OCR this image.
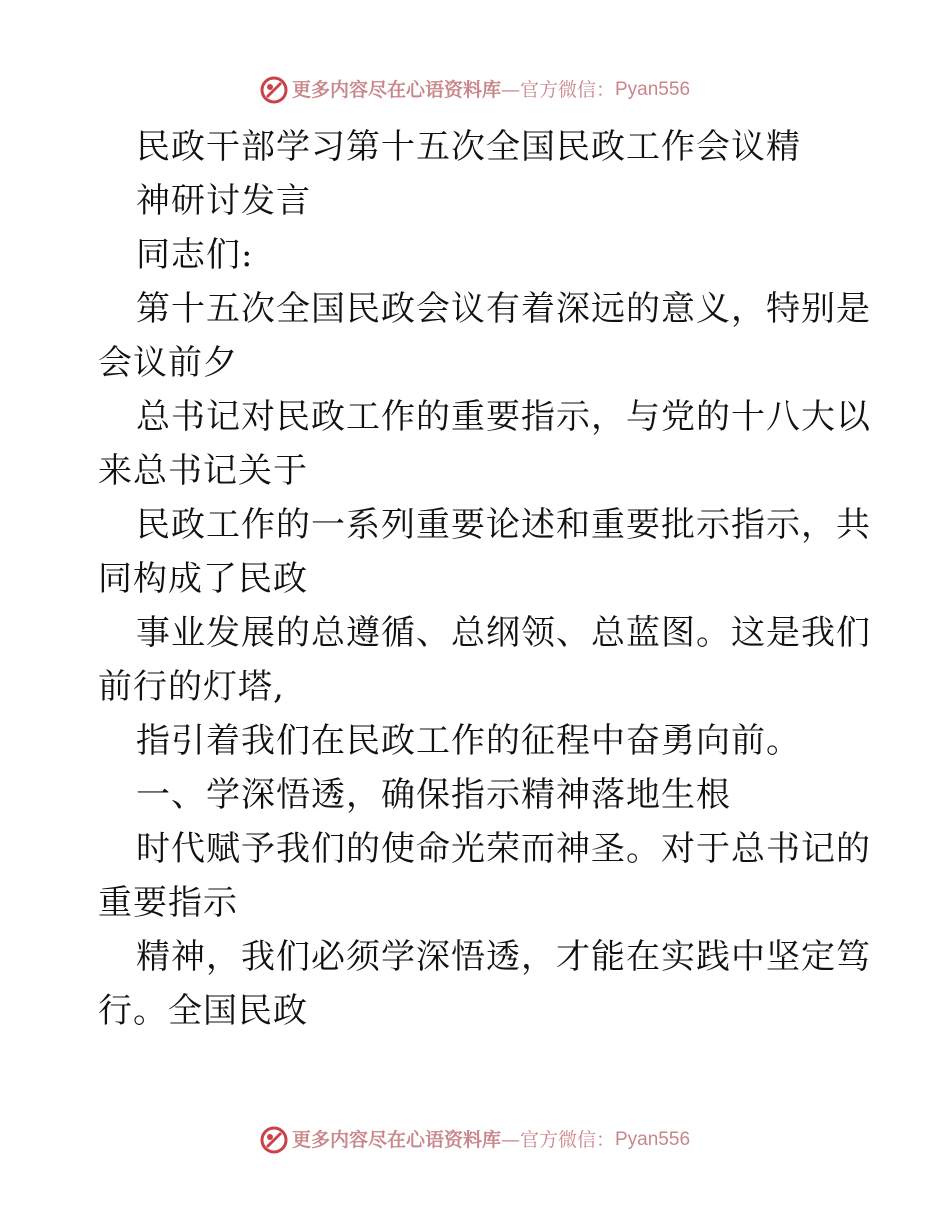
更多内容尽在心语资料库—官方微信：Pyan556
民政干部学习第十五次全国民政工作会议精
神研讨发言
同志们:
第十五次全国民政会议有着深远的意义，特别是
会议前夕
总书记对民政工作的重要指示，与党的十八大以
来总书记关于
民政工作的一系列重要论述和重要批示指示，共
同构成了民政
事业发展的总遵循、总纲领、总蓝图。这是我们
前行的灯塔,
指引着我们在民政工作的征程中奋勇向前。
一、学深悟透，确保指示精神落地生根
时代赋予我们的使命光荣而神圣。对于总书记的
重要指示
精神，我们必须学深悟透，才能在实践中坚定笃
行。全国民政
更多内容尽在心语资料库—官方微信：Pyan556
